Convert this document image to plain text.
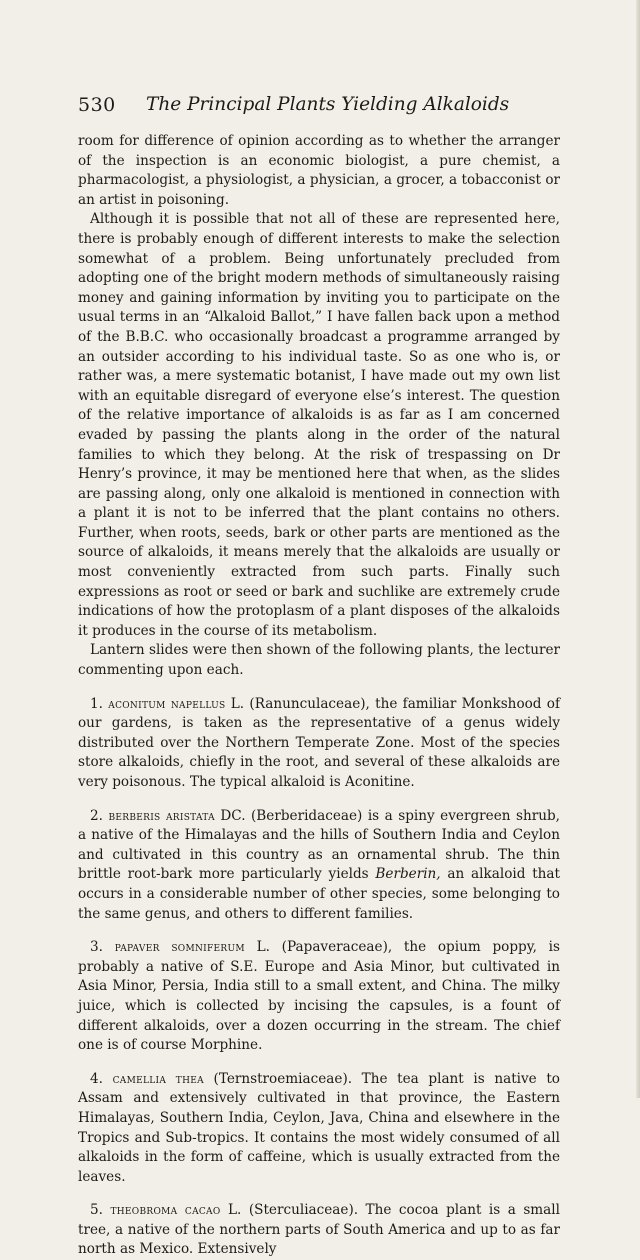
530 The Principal Plants Yielding Alkaloids

room for difference of opinion according as to whether the arranger of the inspection is an economic biologist, a pure chemist, a pharmacologist, a physiologist, a physician, a grocer, a tobacconist or an artist in poisoning.

Although it is possible that not all of these are represented here, there is probably enough of different interests to make the selection somewhat of a problem. Being unfortunately precluded from adopting one of the bright modern methods of simultaneously raising money and gaining information by inviting you to participate on the usual terms in an “Alkaloid Ballot,” I have fallen back upon a method of the B.B.C. who occasionally broadcast a programme arranged by an outsider according to his individual taste. So as one who is, or rather was, a mere systematic botanist, I have made out my own list with an equitable disregard of everyone else’s interest. The question of the relative importance of alkaloids is as far as I am concerned evaded by passing the plants along in the order of the natural families to which they belong. At the risk of trespassing on Dr Henry’s province, it may be mentioned here that when, as the slides are passing along, only one alkaloid is mentioned in connection with a plant it is not to be inferred that the plant contains no others. Further, when roots, seeds, bark or other parts are mentioned as the source of alkaloids, it means merely that the alkaloids are usually or most conveniently extracted from such parts. Finally such expressions as root or seed or bark and suchlike are extremely crude indications of how the protoplasm of a plant disposes of the alkaloids it produces in the course of its metabolism.

Lantern slides were then shown of the following plants, the lecturer commenting upon each.

1. aconitum napellus L. (Ranunculaceae), the familiar Monkshood of our gardens, is taken as the representative of a genus widely distributed over the Northern Temperate Zone. Most of the species store alkaloids, chiefly in the root, and several of these alkaloids are very poisonous. The typical alkaloid is Aconitine.

2. berberis aristata DC. (Berberidaceae) is a spiny evergreen shrub, a native of the Himalayas and the hills of Southern India and Ceylon and cultivated in this country as an ornamental shrub. The thin brittle root-bark more particularly yields Berberin, an alkaloid that occurs in a considerable number of other species, some belonging to the same genus, and others to different families.

3. papaver somniferum L. (Papaveraceae), the opium poppy, is probably a native of S.E. Europe and Asia Minor, but cultivated in Asia Minor, Persia, India still to a small extent, and China. The milky juice, which is collected by incising the capsules, is a fount of different alkaloids, over a dozen occurring in the stream. The chief one is of course Morphine.

4. camellia thea (Ternstroemiaceae). The tea plant is native to Assam and extensively cultivated in that province, the Eastern Himalayas, Southern India, Ceylon, Java, China and elsewhere in the Tropics and Sub-tropics. It contains the most widely consumed of all alkaloids in the form of caffeine, which is usually extracted from the leaves.

5. theobroma cacao L. (Sterculiaceae). The cocoa plant is a small tree, a native of the northern parts of South America and up to as far north as Mexico. Extensively
